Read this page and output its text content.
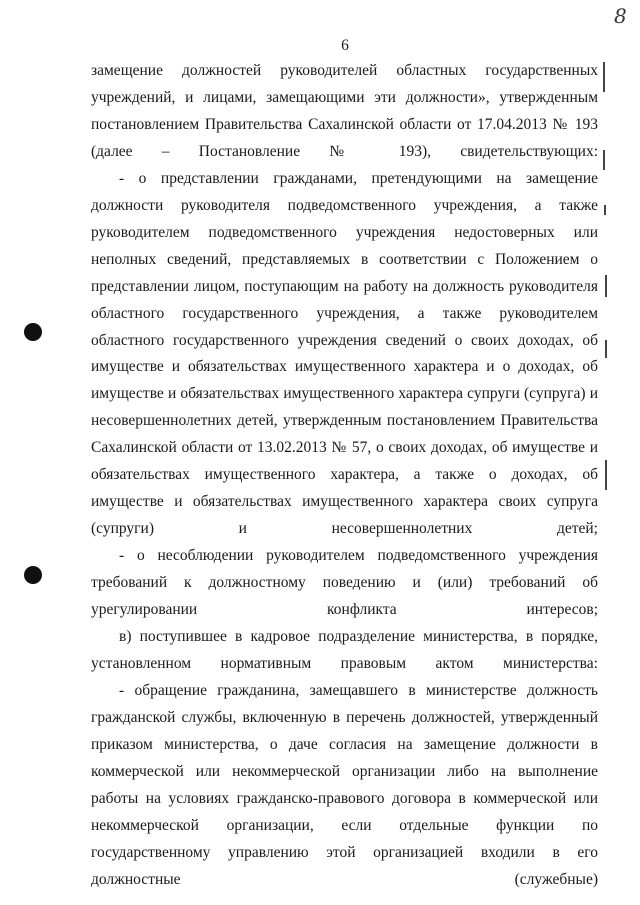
6
8

замещение должностей руководителей областных государственных учреждений, и лицами, замещающими эти должности», утвержденным постановлением Правительства Сахалинской области от 17.04.2013 № 193 (далее – Постановление № 193), свидетельствующих:

- о представлении гражданами, претендующими на замещение должности руководителя подведомственного учреждения, а также руководителем подведомственного учреждения недостоверных или неполных сведений, представляемых в соответствии с Положением о представлении лицом, поступающим на работу на должность руководителя областного государственного учреждения, а также руководителем областного государственного учреждения сведений о своих доходах, об имуществе и обязательствах имущественного характера и о доходах, об имуществе и обязательствах имущественного характера супруги (супруга) и несовершеннолетних детей, утвержденным постановлением Правительства Сахалинской области от 13.02.2013 № 57, о своих доходах, об имуществе и обязательствах имущественного характера, а также о доходах, об имуществе и обязательствах имущественного характера своих супруга (супруги) и несовершеннолетних детей;

- о несоблюдении руководителем подведомственного учреждения требований к должностному поведению и (или) требований об урегулировании конфликта интересов;

в) поступившее в кадровое подразделение министерства, в порядке, установленном нормативным правовым актом министерства:

- обращение гражданина, замещавшего в министерстве должность гражданской службы, включенную в перечень должностей, утвержденный приказом министерства, о даче согласия на замещение должности в коммерческой или некоммерческой организации либо на выполнение работы на условиях гражданско-правового договора в коммерческой или некоммерческой организации, если отдельные функции по государственному управлению этой организацией входили в его должностные (служебные)
